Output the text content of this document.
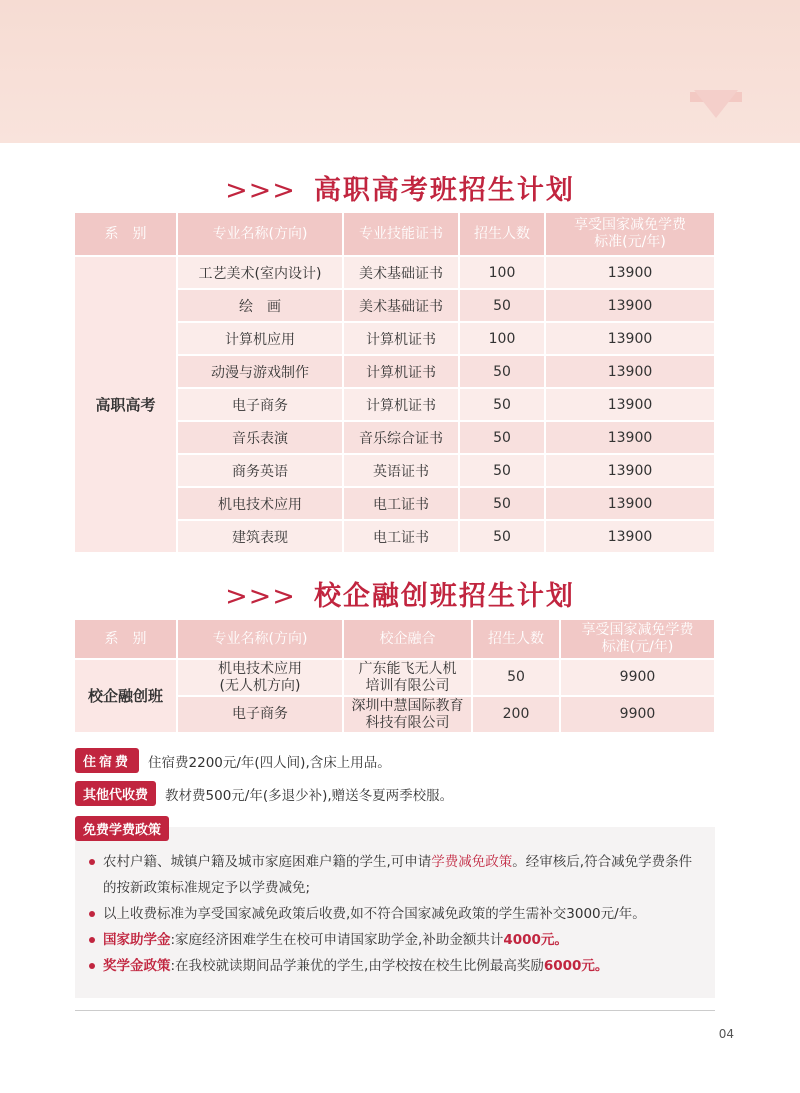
>>> 高职高考班招生计划
系　别	专业名称(方向)	专业技能证书	招生人数	享受国家减免学费
标准(元/年)
高职高考	工艺美术(室内设计)	美术基础证书	100	13900
	绘　画	美术基础证书	50	13900
	计算机应用	计算机证书	100	13900
	动漫与游戏制作	计算机证书	50	13900
	电子商务	计算机证书	50	13900
	音乐表演	音乐综合证书	50	13900
	商务英语	英语证书	50	13900
	机电技术应用	电工证书	50	13900
	建筑表现	电工证书	50	13900
>>> 校企融创班招生计划
系　别	专业名称(方向)	校企融合	招生人数	享受国家减免学费
标准(元/年)
校企融创班	机电技术应用
(无人机方向)	广东能飞无人机
培训有限公司	50	9900
	电子商务	深圳中慧国际教育
科技有限公司	200	9900
住宿费	住宿费2200元/年(四人间),含床上用品。
其他代收费	教材费500元/年(多退少补),赠送冬夏两季校服。
农村户籍、城镇户籍及城市家庭困难户籍的学生,可申请学费减免政策。经审核后,符合减免学费条件的按新政策标准规定予以学费减免;
以上收费标准为享受国家减免政策后收费,如不符合国家减免政策的学生需补交3000元/年。
国家助学金:家庭经济困难学生在校可申请国家助学金,补助金额共计4000元。
奖学金政策:在我校就读期间品学兼优的学生,由学校按在校生比例最高奖励6000元。
免费学费政策
04
